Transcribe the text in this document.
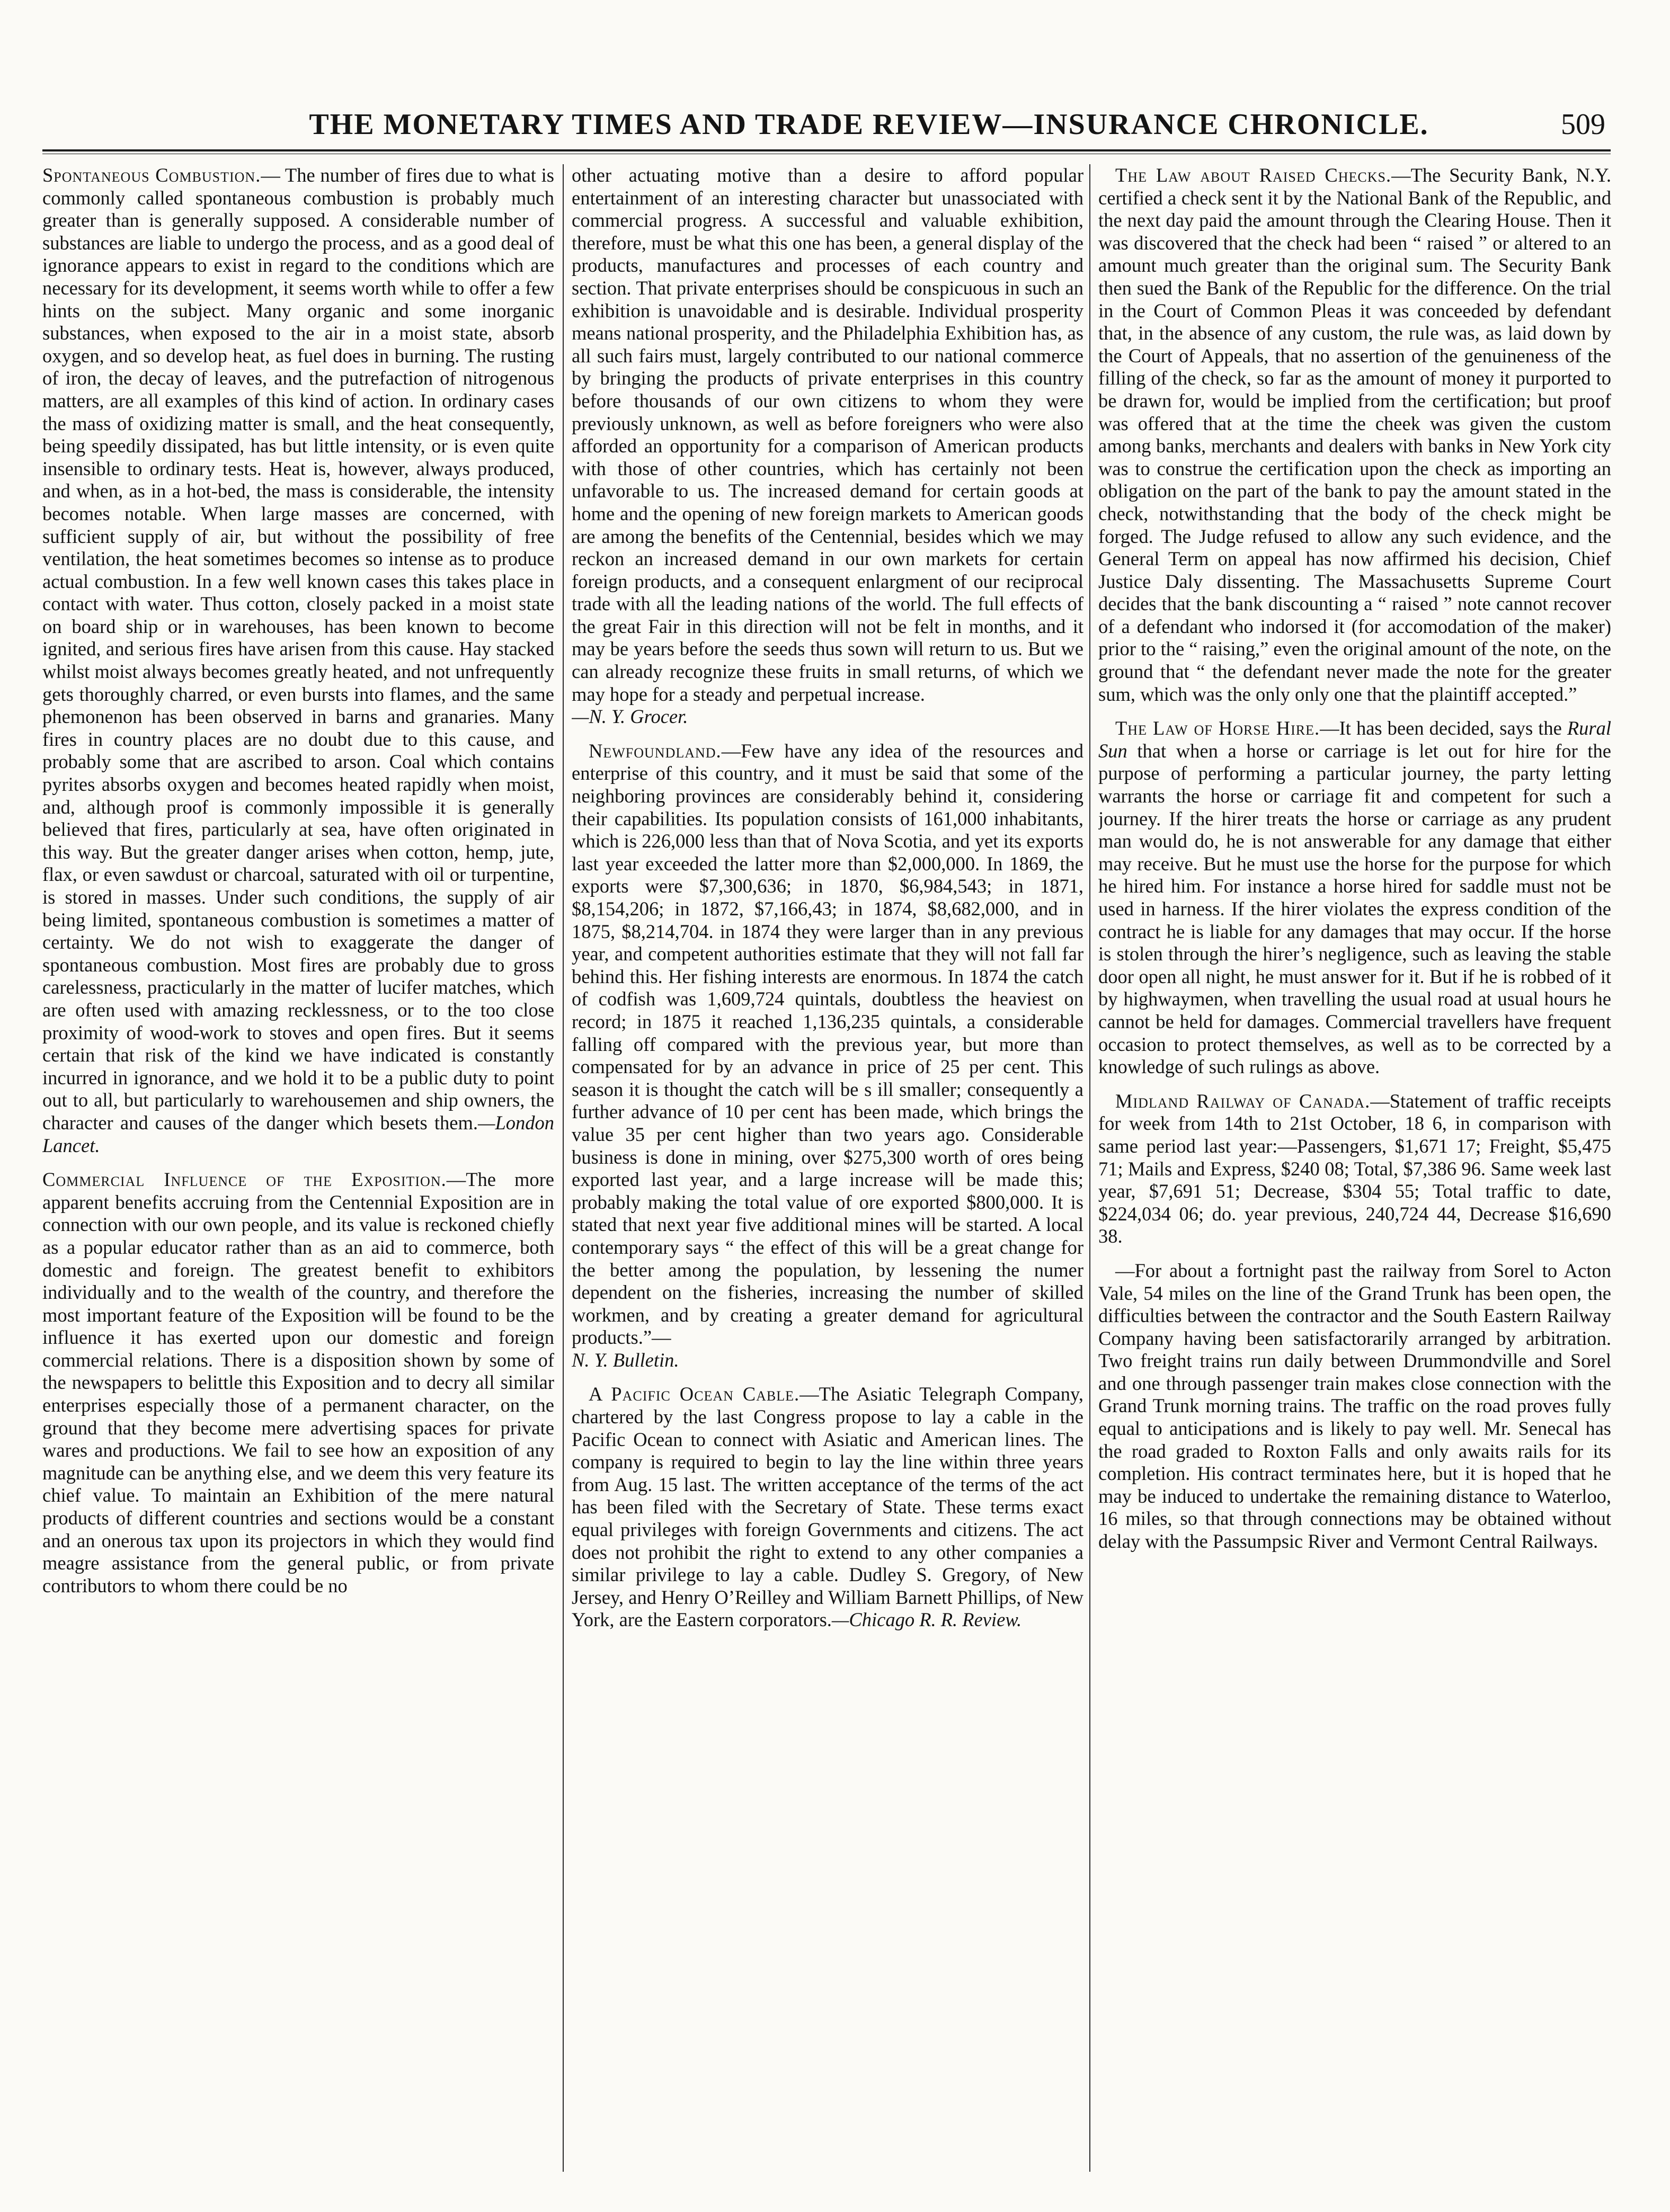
THE MONETARY TIMES AND TRADE REVIEW—INSURANCE CHRONICLE.	509

Spontaneous Combustion.— The number of fires due to what is commonly called spontaneous combustion is probably much greater than is generally supposed. A considerable number of substances are liable to undergo the process, and as a good deal of ignorance appears to exist in regard to the conditions which are necessary for its development, it seems worth while to offer a few hints on the subject. Many organic and some inorganic substances, when exposed to the air in a moist state, absorb oxygen, and so develop heat, as fuel does in burning. The rusting of iron, the decay of leaves, and the putrefaction of nitrogenous matters, are all examples of this kind of action. In ordinary cases the mass of oxidizing matter is small, and the heat consequently, being speedily dissipated, has but little intensity, or is even quite insensible to ordinary tests. Heat is, however, always produced, and when, as in a hot-bed, the mass is considerable, the intensity becomes notable. When large masses are concerned, with sufficient supply of air, but without the possibility of free ventilation, the heat sometimes becomes so intense as to produce actual combustion. In a few well known cases this takes place in contact with water. Thus cotton, closely packed in a moist state on board ship or in warehouses, has been known to become ignited, and serious fires have arisen from this cause. Hay stacked whilst moist always becomes greatly heated, and not unfrequently gets thoroughly charred, or even bursts into flames, and the same phemonenon has been observed in barns and granaries. Many fires in country places are no doubt due to this cause, and probably some that are ascribed to arson. Coal which contains pyrites absorbs oxygen and becomes heated rapidly when moist, and, although proof is commonly impossible it is generally believed that fires, particularly at sea, have often originated in this way. But the greater danger arises when cotton, hemp, jute, flax, or even sawdust or charcoal, saturated with oil or turpentine, is stored in masses. Under such conditions, the supply of air being limited, spontaneous combustion is sometimes a matter of certainty. We do not wish to exaggerate the danger of spontaneous combustion. Most fires are probably due to gross carelessness, practicularly in the matter of lucifer matches, which are often used with amazing recklessness, or to the too close proximity of wood-work to stoves and open fires. But it seems certain that risk of the kind we have indicated is constantly incurred in ignorance, and we hold it to be a public duty to point out to all, but particularly to warehousemen and ship owners, the character and causes of the danger which besets them.—London Lancet.

Commercial Influence of the Exposition.—The more apparent benefits accruing from the Centennial Exposition are in connection with our own people, and its value is reckoned chiefly as a popular educator rather than as an aid to commerce, both domestic and foreign. The greatest benefit to exhibitors individually and to the wealth of the country, and therefore the most important feature of the Exposition will be found to be the influence it has exerted upon our domestic and foreign commercial relations. There is a disposition shown by some of the newspapers to belittle this Exposition and to decry all similar enterprises especially those of a permanent character, on the ground that they become mere advertising spaces for private wares and productions. We fail to see how an exposition of any magnitude can be anything else, and we deem this very feature its chief value. To maintain an Exhibition of the mere natural products of different countries and sections would be a constant and an onerous tax upon its projectors in which they would find meagre assistance from the general public, or from private contributors to whom there could be no

other actuating motive than a desire to afford popular entertainment of an interesting character but unassociated with commercial progress. A successful and valuable exhibition, therefore, must be what this one has been, a general display of the products, manufactures and processes of each country and section. That private enterprises should be conspicuous in such an exhibition is unavoidable and is desirable. Individual prosperity means national prosperity, and the Philadelphia Exhibition has, as all such fairs must, largely contributed to our national commerce by bringing the products of private enterprises in this country before thousands of our own citizens to whom they were previously unknown, as well as before foreigners who were also afforded an opportunity for a comparison of American products with those of other countries, which has certainly not been unfavorable to us. The increased demand for certain goods at home and the opening of new foreign markets to American goods are among the benefits of the Centennial, besides which we may reckon an increased demand in our own markets for certain foreign products, and a consequent enlargment of our reciprocal trade with all the leading nations of the world. The full effects of the great Fair in this direction will not be felt in months, and it may be years before the seeds thus sown will return to us. But we can already recognize these fruits in small returns, of which we may hope for a steady and perpetual increase.
—N. Y. Grocer.

Newfoundland.—Few have any idea of the resources and enterprise of this country, and it must be said that some of the neighboring provinces are considerably behind it, considering their capabilities. Its population consists of 161,000 inhabitants, which is 226,000 less than that of Nova Scotia, and yet its exports last year exceeded the latter more than $2,000,000. In 1869, the exports were $7,300,636; in 1870, $6,984,543; in 1871, $8,154,206; in 1872, $7,166,43; in 1874, $8,682,000, and in 1875, $8,214,704. in 1874 they were larger than in any previous year, and competent authorities estimate that they will not fall far behind this. Her fishing interests are enormous. In 1874 the catch of codfish was 1,609,724 quintals, doubtless the heaviest on record; in 1875 it reached 1,136,235 quintals, a considerable falling off compared with the previous year, but more than compensated for by an advance in price of 25 per cent. This season it is thought the catch will be s ill smaller; consequently a further advance of 10 per cent has been made, which brings the value 35 per cent higher than two years ago. Considerable business is done in mining, over $275,300 worth of ores being exported last year, and a large increase will be made this; probably making the total value of ore exported $800,000. It is stated that next year five additional mines will be started. A local contemporary says “ the effect of this will be a great change for the better among the population, by lessening the numer dependent on the fisheries, increasing the number of skilled workmen, and by creating a greater demand for agricultural products.”—
N. Y. Bulletin.

A Pacific Ocean Cable.—The Asiatic Telegraph Company, chartered by the last Congress propose to lay a cable in the Pacific Ocean to connect with Asiatic and American lines. The company is required to begin to lay the line within three years from Aug. 15 last. The written acceptance of the terms of the act has been filed with the Secretary of State. These terms exact equal privileges with foreign Governments and citizens. The act does not prohibit the right to extend to any other companies a similar privilege to lay a cable. Dudley S. Gregory, of New Jersey, and Henry O’Reilley and William Barnett Phillips, of New York, are the Eastern corporators.—Chicago R. R. Review.

The Law about Raised Checks.—The Security Bank, N.Y. certified a check sent it by the National Bank of the Republic, and the next day paid the amount through the Clearing House. Then it was discovered that the check had been “ raised ” or altered to an amount much greater than the original sum. The Security Bank then sued the Bank of the Republic for the difference. On the trial in the Court of Common Pleas it was conceeded by defendant that, in the absence of any custom, the rule was, as laid down by the Court of Appeals, that no assertion of the genuineness of the filling of the check, so far as the amount of money it purported to be drawn for, would be implied from the certification; but proof was offered that at the time the cheek was given the custom among banks, merchants and dealers with banks in New York city was to construe the certification upon the check as importing an obligation on the part of the bank to pay the amount stated in the check, notwithstanding that the body of the check might be forged. The Judge refused to allow any such evidence, and the General Term on appeal has now affirmed his decision, Chief Justice Daly dissenting. The Massachusetts Supreme Court decides that the bank discounting a “ raised ” note cannot recover of a defendant who indorsed it (for accomodation of the maker) prior to the “ raising,” even the original amount of the note, on the ground that “ the defendant never made the note for the greater sum, which was the only only one that the plaintiff accepted.”

The Law of Horse Hire.—It has been decided, says the Rural Sun that when a horse or carriage is let out for hire for the purpose of performing a particular journey, the party letting warrants the horse or carriage fit and competent for such a journey. If the hirer treats the horse or carriage as any prudent man would do, he is not answerable for any damage that either may receive. But he must use the horse for the purpose for which he hired him. For instance a horse hired for saddle must not be used in harness. If the hirer violates the express condition of the contract he is liable for any damages that may occur. If the horse is stolen through the hirer’s negligence, such as leaving the stable door open all night, he must answer for it. But if he is robbed of it by highwaymen, when travelling the usual road at usual hours he cannot be held for damages. Commercial travellers have frequent occasion to protect themselves, as well as to be corrected by a knowledge of such rulings as above.

Midland Railway of Canada.—Statement of traffic receipts for week from 14th to 21st October, 18 6, in comparison with same period last year:—Passengers, $1,671 17; Freight, $5,475 71; Mails and Express, $240 08; Total, $7,386 96. Same week last year, $7,691 51; Decrease, $304 55; Total traffic to date, $224,034 06; do. year previous, 240,724 44, Decrease $16,690 38.

—For about a fortnight past the railway from Sorel to Acton Vale, 54 miles on the line of the Grand Trunk has been open, the difficulties between the contractor and the South Eastern Railway Company having been satisfactorarily arranged by arbitration. Two freight trains run daily between Drummondville and Sorel and one through passenger train makes close connection with the Grand Trunk morning trains. The traffic on the road proves fully equal to anticipations and is likely to pay well. Mr. Senecal has the road graded to Roxton Falls and only awaits rails for its completion. His contract terminates here, but it is hoped that he may be induced to undertake the remaining distance to Waterloo, 16 miles, so that through connections may be obtained without delay with the Passumpsic River and Vermont Central Railways.
